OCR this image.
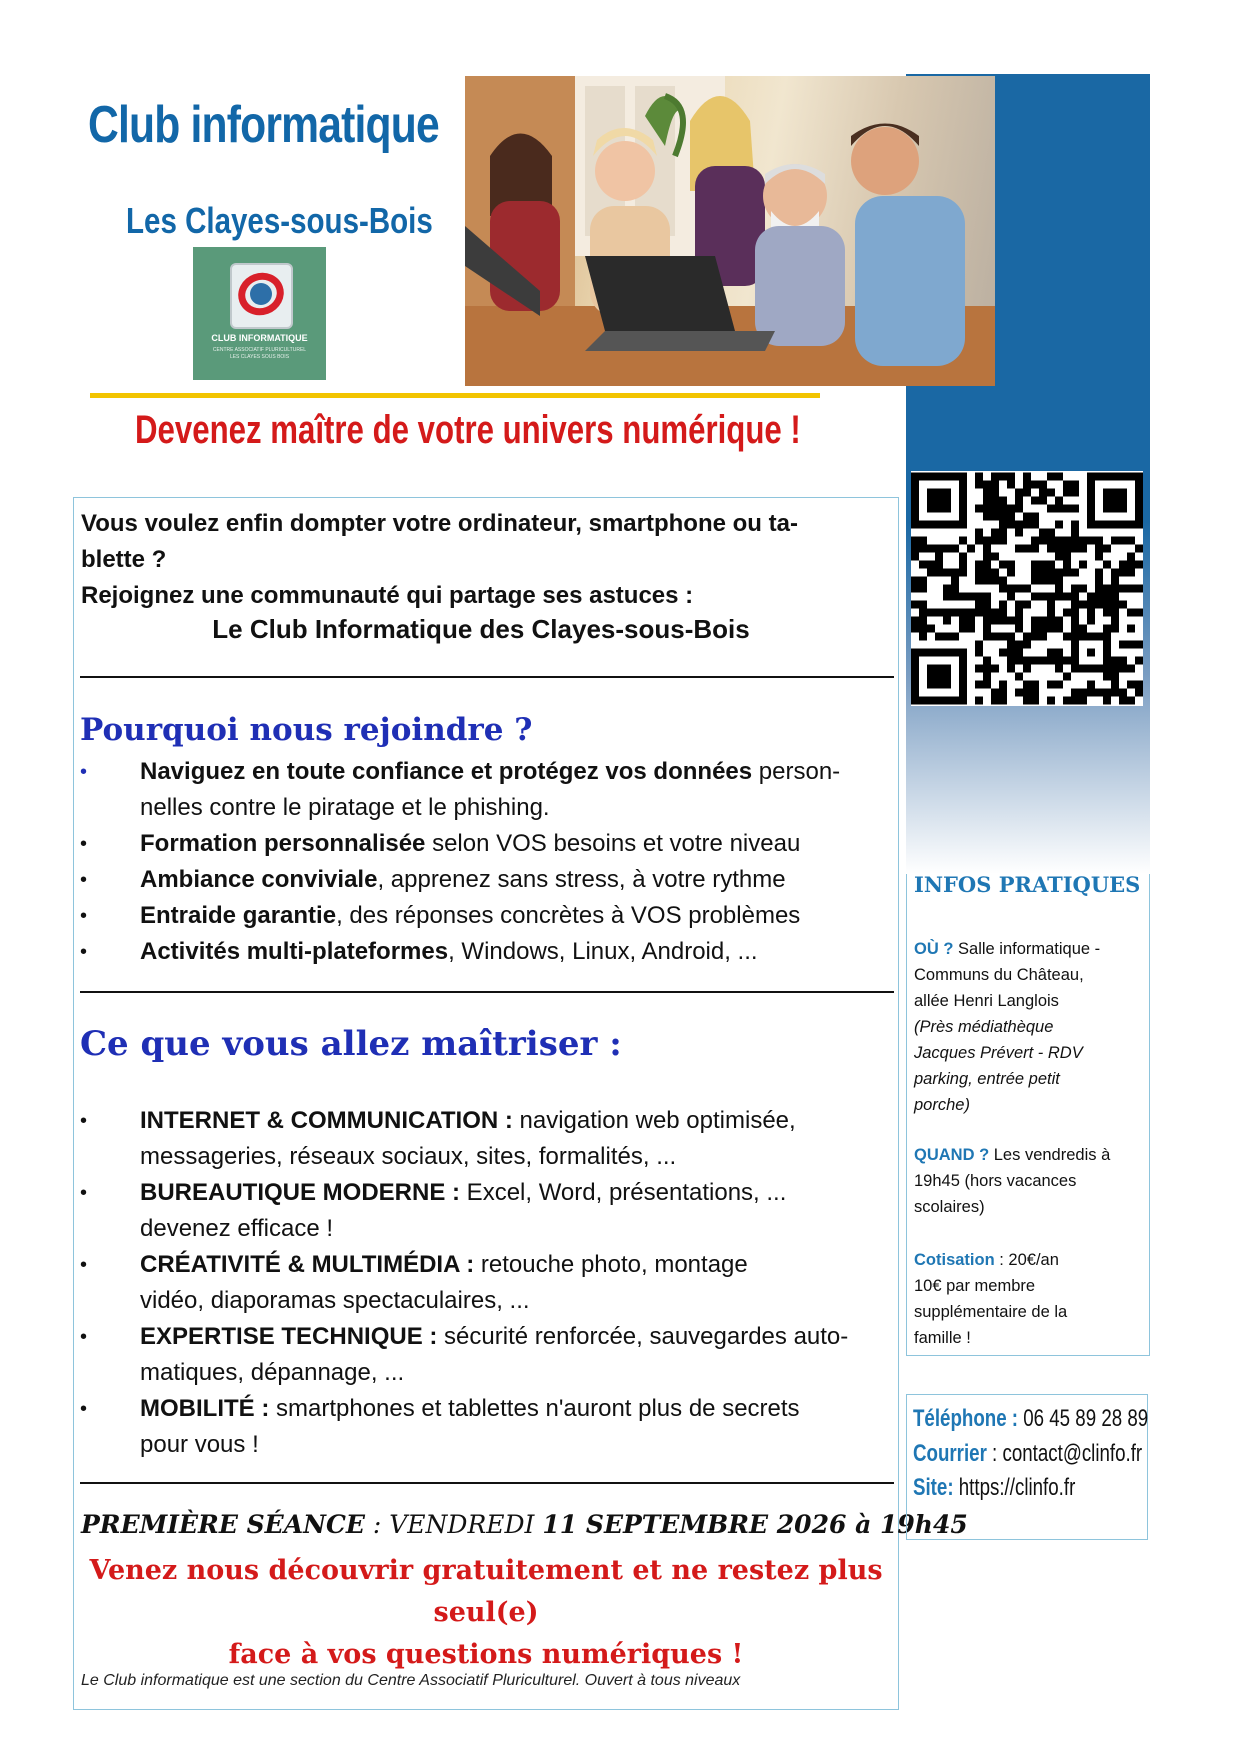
Club informatique
Les Clayes-sous-Bois
CLUB INFORMATIQUE
CENTRE ASSOCIATIF PLURICULTUREL
LES CLAYES SOUS BOIS
Devenez maître de votre univers numérique !

Vous voulez enfin dompter votre ordinateur, smartphone ou ta-

blette ?

Rejoignez une communauté qui partage ses astuces :

Le Club Informatique des Clayes-sous-Bois
Pourquoi nous rejoindre ?
• Naviguez en toute confiance et protégez vos données person-
nelles contre le piratage et le phishing.
• Formation personnalisée selon VOS besoins et votre niveau
• Ambiance conviviale, apprenez sans stress, à votre rythme
• Entraide garantie, des réponses concrètes à VOS problèmes
• Activités multi-plateformes, Windows, Linux, Android, ...
Ce que vous allez maîtriser :
• INTERNET & COMMUNICATION : navigation web optimisée,
messageries, réseaux sociaux, sites, formalités, ...
• BUREAUTIQUE MODERNE : Excel, Word, présentations, ...
devenez efficace !
• CRÉATIVITÉ & MULTIMÉDIA : retouche photo, montage
vidéo, diaporamas spectaculaires, ...
• EXPERTISE TECHNIQUE : sécurité renforcée, sauvegardes auto-
matiques, dépannage, ...
• MOBILITÉ : smartphones et tablettes n'auront plus de secrets
pour vous !
PREMIÈRE SÉANCE : VENDREDI 11 SEPTEMBRE 2026 à 19h45
Venez nous découvrir gratuitement et ne restez plus seul(e)
face à vos questions numériques !
Le Club informatique est une section du Centre Associatif Pluriculturel. Ouvert à tous niveaux
INFOS PRATIQUES
OÙ ? Salle informatique -
Communs du Château,
allée Henri Langlois
(Près médiathèque
Jacques Prévert - RDV
parking, entrée petit
porche)
QUAND ? Les vendredis à
19h45 (hors vacances
scolaires)
Cotisation : 20€/an
10€ par membre
supplémentaire de la
famille !
Téléphone : 06 45 89 28 89
Courrier : contact@clinfo.fr
Site: https://clinfo.fr
